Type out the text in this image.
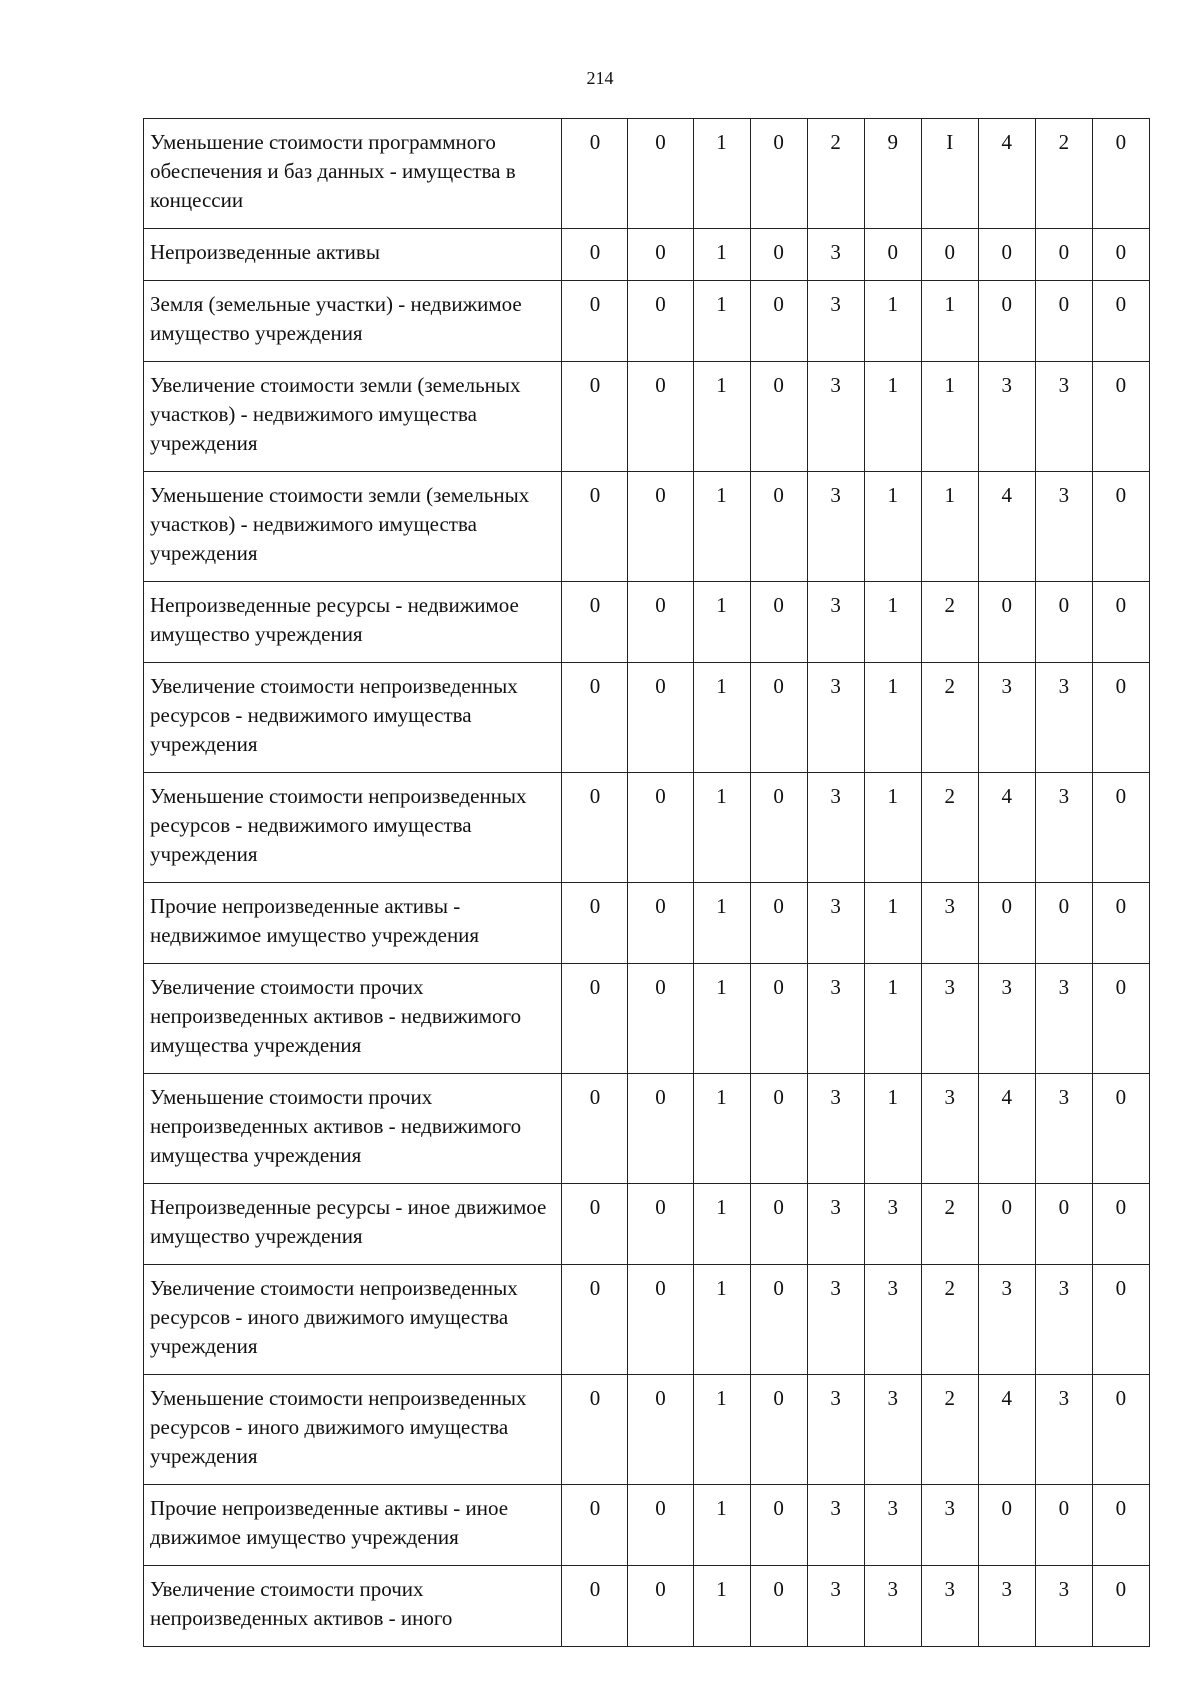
214
Уменьшение стоимости программного обеспечения и баз данных - имущества в концессии	0	0	1	0	2	9	I	4	2	0
Непроизведенные активы	0	0	1	0	3	0	0	0	0	0
Земля (земельные участки) - недвижимое имущество учреждения	0	0	1	0	3	1	1	0	0	0
Увеличение стоимости земли (земельных участков) - недвижимого имущества учреждения	0	0	1	0	3	1	1	3	3	0
Уменьшение стоимости земли (земельных участков) - недвижимого имущества учреждения	0	0	1	0	3	1	1	4	3	0
Непроизведенные ресурсы - недвижимое имущество учреждения	0	0	1	0	3	1	2	0	0	0
Увеличение стоимости непроизведенных ресурсов - недвижимого имущества учреждения	0	0	1	0	3	1	2	3	3	0
Уменьшение стоимости непроизведенных ресурсов - недвижимого имущества учреждения	0	0	1	0	3	1	2	4	3	0
Прочие непроизведенные активы - недвижимое имущество учреждения	0	0	1	0	3	1	3	0	0	0
Увеличение стоимости прочих непроизведенных активов - недвижимого имущества учреждения	0	0	1	0	3	1	3	3	3	0
Уменьшение стоимости прочих непроизведенных активов - недвижимого имущества учреждения	0	0	1	0	3	1	3	4	3	0
Непроизведенные ресурсы - иное движимое имущество учреждения	0	0	1	0	3	3	2	0	0	0
Увеличение стоимости непроизведенных ресурсов - иного движимого имущества учреждения	0	0	1	0	3	3	2	3	3	0
Уменьшение стоимости непроизведенных ресурсов - иного движимого имущества учреждения	0	0	1	0	3	3	2	4	3	0
Прочие непроизведенные активы - иное движимое имущество учреждения	0	0	1	0	3	3	3	0	0	0
Увеличение стоимости прочих непроизведенных активов - иного	0	0	1	0	3	3	3	3	3	0
